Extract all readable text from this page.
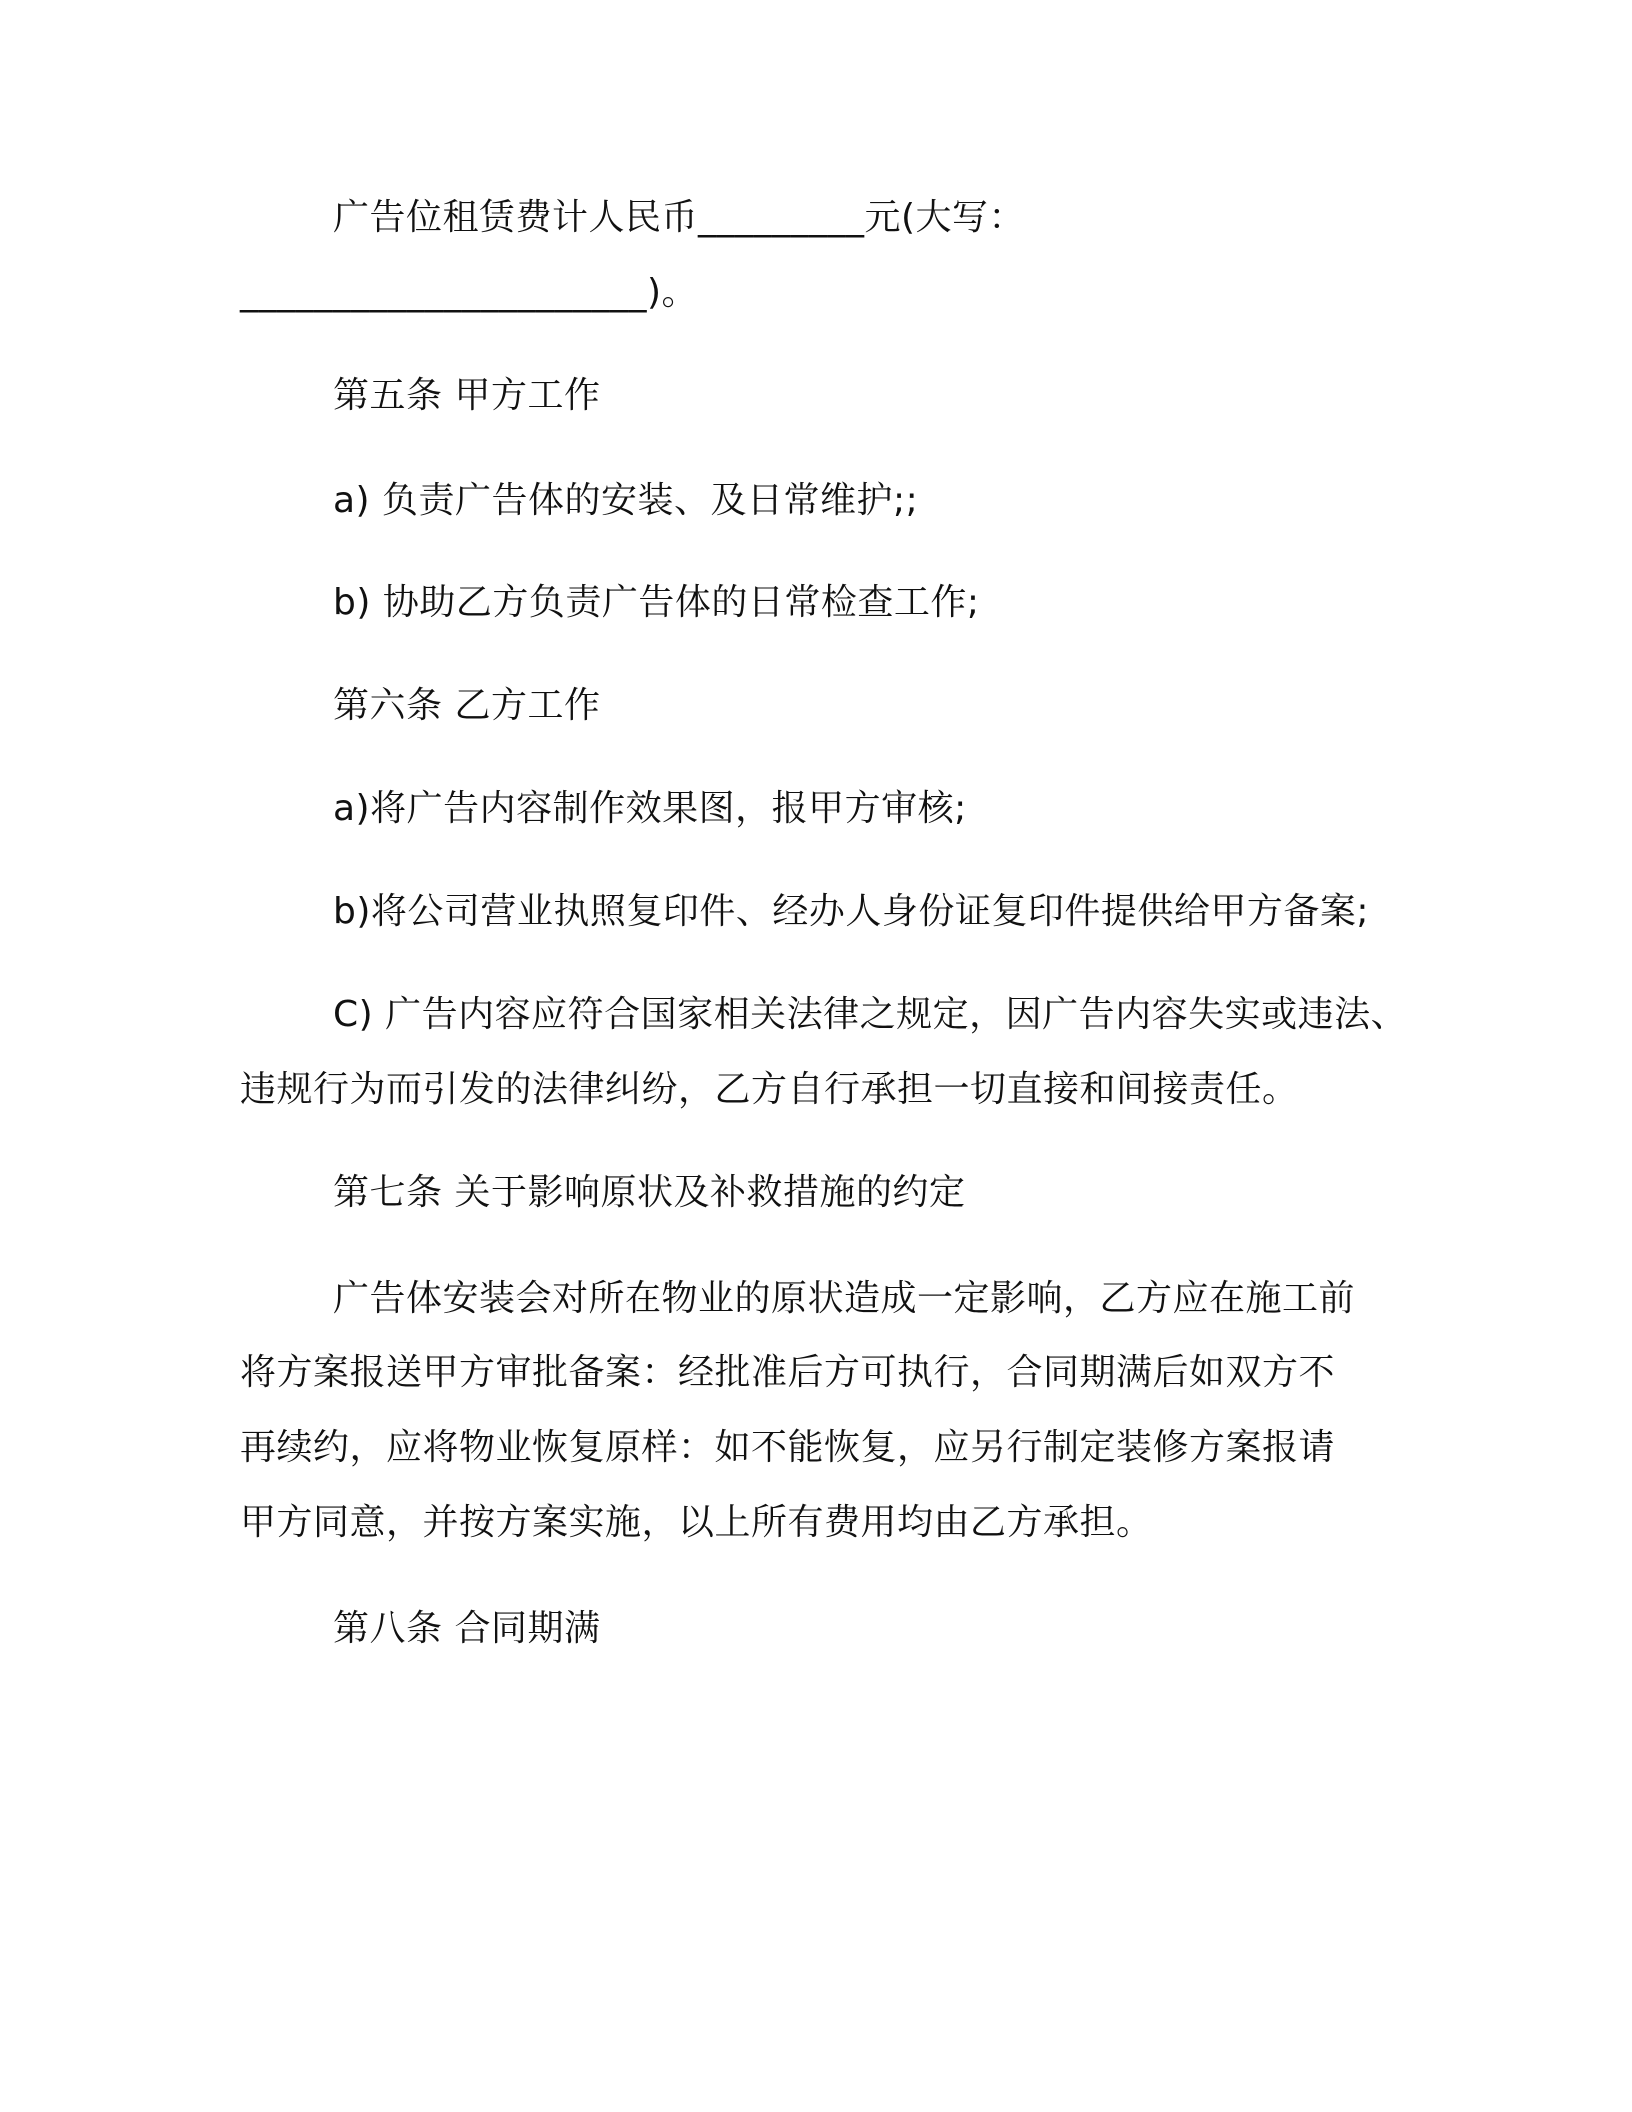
广告位租赁费计人民币_________元(大写：
______________________)。
第五条 甲方工作
a) 负责广告体的安装、及日常维护;;
b) 协助乙方负责广告体的日常检查工作;
第六条 乙方工作
a)将广告内容制作效果图，报甲方审核;
b)将公司营业执照复印件、经办人身份证复印件提供给甲方备案;
C) 广告内容应符合国家相关法律之规定，因广告内容失实或违法、
违规行为而引发的法律纠纷，乙方自行承担一切直接和间接责任。
第七条 关于影响原状及补救措施的约定
广告体安装会对所在物业的原状造成一定影响，乙方应在施工前
将方案报送甲方审批备案：经批准后方可执行，合同期满后如双方不
再续约，应将物业恢复原样：如不能恢复，应另行制定装修方案报请
甲方同意，并按方案实施，以上所有费用均由乙方承担。
第八条 合同期满
